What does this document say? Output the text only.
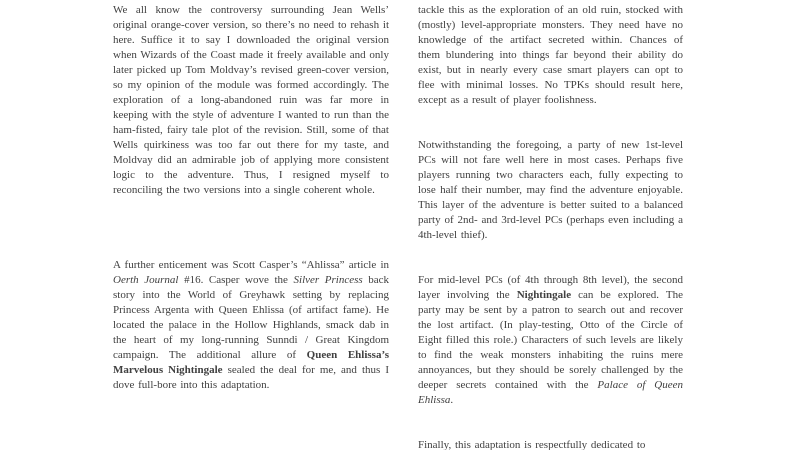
We all know the controversy surrounding Jean Wells’ original orange-cover version, so there’s no need to rehash it here. Suffice it to say I downloaded the original version when Wizards of the Coast made it freely available and only later picked up Tom Moldvay’s revised green-cover version, so my opinion of the module was formed accordingly. The exploration of a long-abandoned ruin was far more in keeping with the style of adventure I wanted to run than the ham-fisted, fairy tale plot of the revision. Still, some of that Wells quirkiness was too far out there for my taste, and Moldvay did an admirable job of applying more consistent logic to the adventure. Thus, I resigned myself to reconciling the two versions into a single coherent whole.
A further enticement was Scott Casper’s “Ahlissa” article in Oerth Journal #16. Casper wove the Silver Princess back story into the World of Greyhawk setting by replacing Princess Argenta with Queen Ehlissa (of artifact fame). He located the palace in the Hollow Highlands, smack dab in the heart of my long-running Sunndi / Great Kingdom campaign. The additional allure of Queen Ehlissa’s Marvelous Nightingale sealed the deal for me, and thus I dove full-bore into this adaptation.
tackle this as the exploration of an old ruin, stocked with (mostly) level-appropriate monsters. They need have no knowledge of the artifact secreted within. Chances of them blundering into things far beyond their ability do exist, but in nearly every case smart players can opt to flee with minimal losses. No TPKs should result here, except as a result of player foolishness.
Notwithstanding the foregoing, a party of new 1st-level PCs will not fare well here in most cases. Perhaps five players running two characters each, fully expecting to lose half their number, may find the adventure enjoyable. This layer of the adventure is better suited to a balanced party of 2nd- and 3rd-level PCs (perhaps even including a 4th-level thief).
For mid-level PCs (of 4th through 8th level), the second layer involving the Nightingale can be explored. The party may be sent by a patron to search out and recover the lost artifact. (In play-testing, Otto of the Circle of Eight filled this role.) Characters of such levels are likely to find the weak monsters inhabiting the ruins mere annoyances, but they should be sorely challenged by the deeper secrets contained with the Palace of Queen Ehlissa.
Finally, this adaptation is respectfully dedicated to
